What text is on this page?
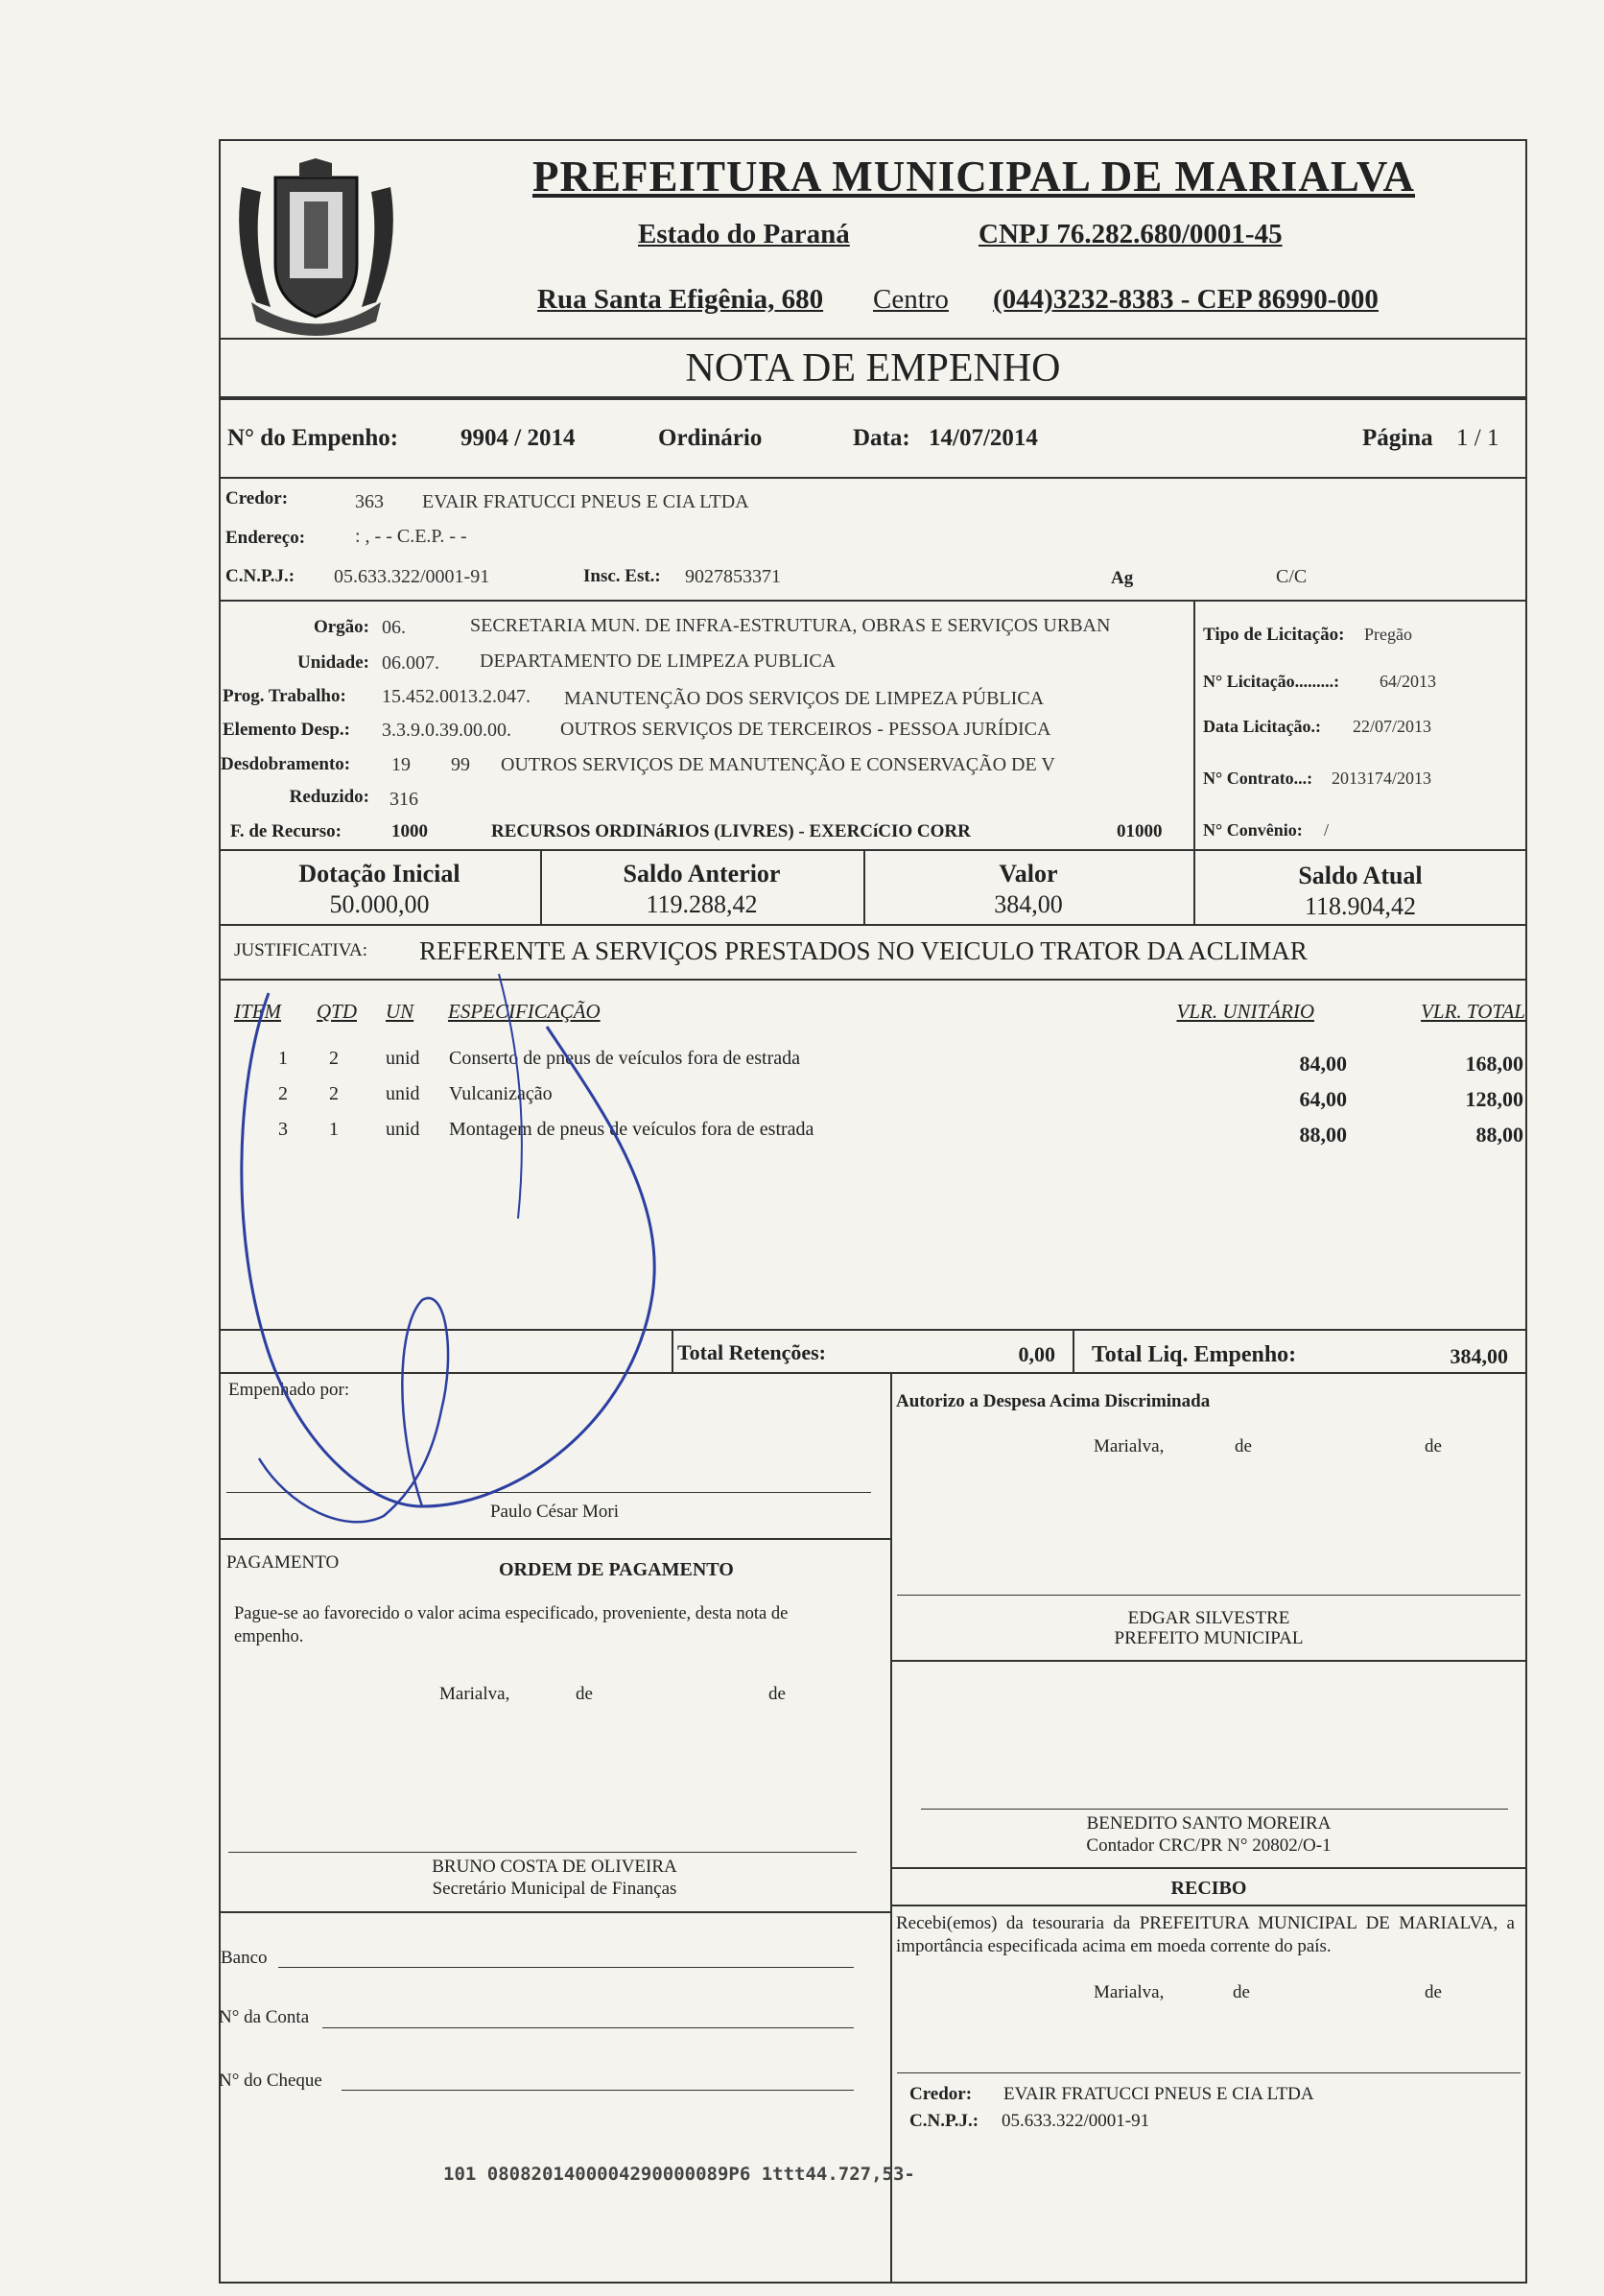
PREFEITURA MUNICIPAL DE MARIALVA
Estado do Paraná	CNPJ 76.282.680/0001-45
Rua Santa Efigênia, 680 Centro (044)3232-8383 - CEP 86990-000
NOTA DE EMPENHO
N° do Empenho:	9904 / 2014	Ordinário	Data: 14/07/2014	Página 1 / 1
Credor:	363 EVAIR FRATUCCI PNEUS E CIA LTDA
Endereço:	: , - - C.E.P. - -
C.N.P.J.: 05.633.322/0001-91	Insc. Est.: 9027853371	Ag	C/C
Orgão: 06.	SECRETARIA MUN. DE INFRA-ESTRUTURA, OBRAS E SERVIÇOS URBAN
Unidade: 06.007. DEPARTAMENTO DE LIMPEZA PUBLICA
Prog. Trabalho: 15.452.0013.2.047. MANUTENÇÃO DOS SERVIÇOS DE LIMPEZA PÚBLICA
Elemento Desp.: 3.3.9.0.39.00.00.	OUTROS SERVIÇOS DE TERCEIROS - PESSOA JURÍDICA
Desdobramento: 19 99 OUTROS SERVIÇOS DE MANUTENÇÃO E CONSERVAÇÃO DE V
Reduzido: 316
F. de Recurso:	1000	RECURSOS ORDINáRIOS (LIVRES) - EXERCíCIO CORR	01000
Tipo de Licitação: Pregão
N° Licitação.........: 64/2013
Data Licitação.: 22/07/2013
N° Contrato...: 2013174/2013
N° Convênio: /
Dotação Inicial
50.000,00
Saldo Anterior
119.288,42
Valor
384,00
Saldo Atual
118.904,42
JUSTIFICATIVA: REFERENTE A SERVIÇOS PRESTADOS NO VEICULO TRATOR DA ACLIMAR
ITEM QTD UN ESPECIFICAÇÃO	VLR. UNITÁRIO	VLR. TOTAL
1 2 unid Conserto de pneus de veículos fora de estrada	84,00	168,00
2 2 unid Vulcanização	64,00	128,00
3 1 unid Montagem de pneus de veículos fora de estrada	88,00	88,00
Total Retenções:	0,00 Total Liq. Empenho:	384,00
Empenhado por:
Paulo César Mori
Autorizo a Despesa Acima Discriminada
Marialva,	de	de
EDGAR SILVESTRE
PREFEITO MUNICIPAL
PAGAMENTO	ORDEM DE PAGAMENTO
Pague-se ao favorecido o valor acima especificado, proveniente, desta nota de empenho.
Marialva,	de	de
BRUNO COSTA DE OLIVEIRA
Secretário Municipal de Finanças
BENEDITO SANTO MOREIRA
Contador CRC/PR N° 20802/O-1
RECIBO
Recebi(emos) da tesouraria da PREFEITURA MUNICIPAL DE MARIALVA, a importância especificada acima em moeda corrente do país.
Marialva,	de	de
Credor: EVAIR FRATUCCI PNEUS E CIA LTDA
C.N.P.J.: 05.633.322/0001-91
Banco
N° da Conta
N° do Cheque
101 0808201400004290000089P6 1ttt44.727,53-
